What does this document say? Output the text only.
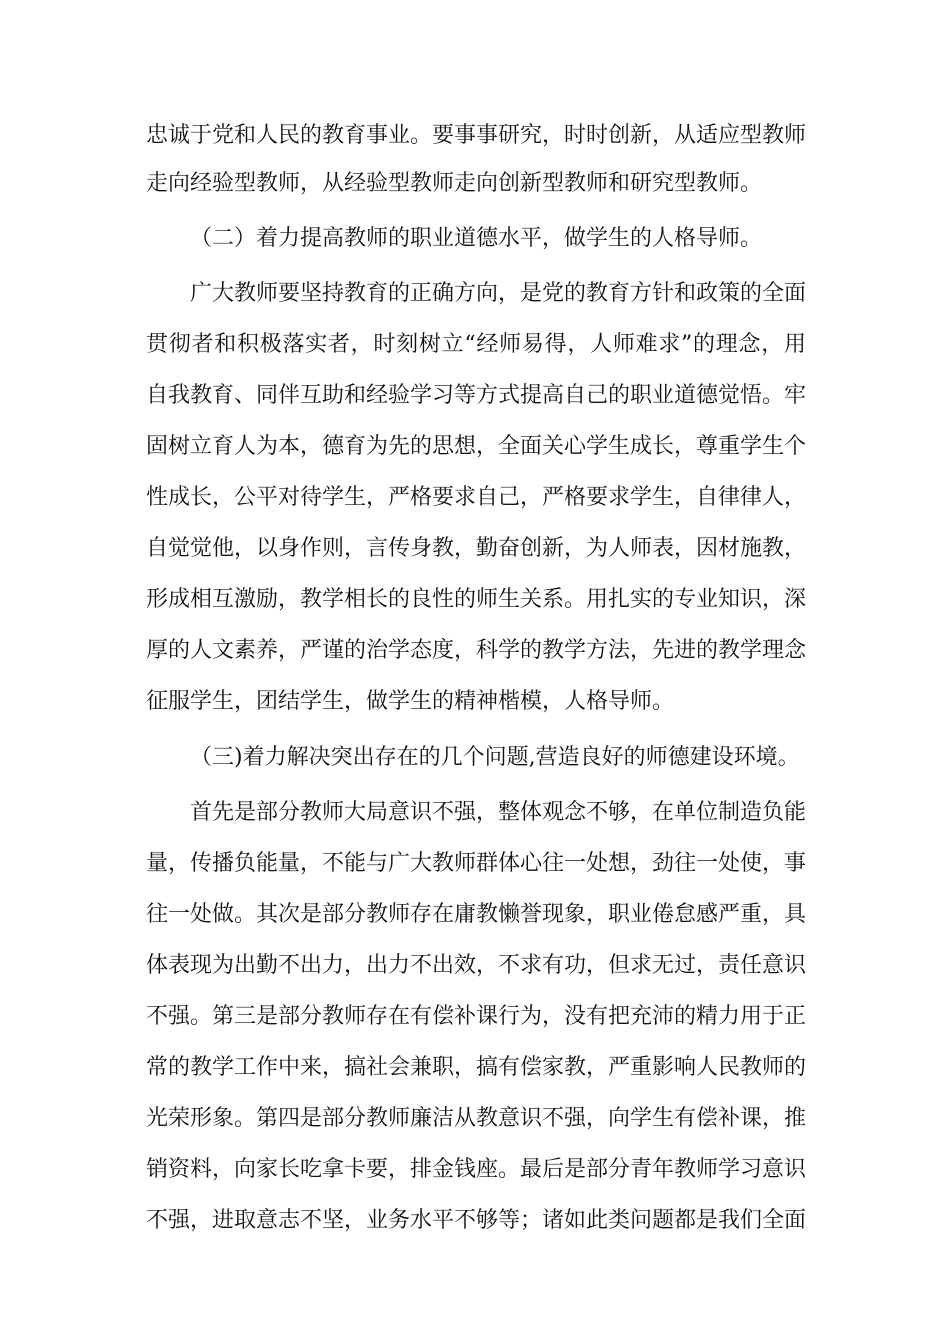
忠诚于党和人民的教育事业。要事事研究，时时创新，从适应型教师
走向经验型教师，从经验型教师走向创新型教师和研究型教师。
（二）着力提高教师的职业道德水平，做学生的人格导师。
广大教师要坚持教育的正确方向，是党的教育方针和政策的全面
贯彻者和积极落实者，时刻树立“经师易得，人师难求”的理念，用
自我教育、同伴互助和经验学习等方式提高自己的职业道德觉悟。牢
固树立育人为本，德育为先的思想，全面关心学生成长，尊重学生个
性成长，公平对待学生，严格要求自己，严格要求学生，自律律人，
自觉觉他，以身作则，言传身教，勤奋创新，为人师表，因材施教，
形成相互激励，教学相长的良性的师生关系。用扎实的专业知识，深
厚的人文素养，严谨的治学态度，科学的教学方法，先进的教学理念
征服学生，团结学生，做学生的精神楷模，人格导师。
（三)着力解决突出存在的几个问题,营造良好的师德建设环境。
首先是部分教师大局意识不强，整体观念不够，在单位制造负能
量，传播负能量，不能与广大教师群体心往一处想，劲往一处使，事
往一处做。其次是部分教师存在庸教懒誉现象，职业倦怠感严重，具
体表现为出勤不出力，出力不出效，不求有功，但求无过，责任意识
不强。第三是部分教师存在有偿补课行为，没有把充沛的精力用于正
常的教学工作中来，搞社会兼职，搞有偿家教，严重影响人民教师的
光荣形象。第四是部分教师廉洁从教意识不强，向学生有偿补课，推
销资料，向家长吃拿卡要，排金钱座。最后是部分青年教师学习意识
不强，进取意志不坚，业务水平不够等；诸如此类问题都是我们全面
